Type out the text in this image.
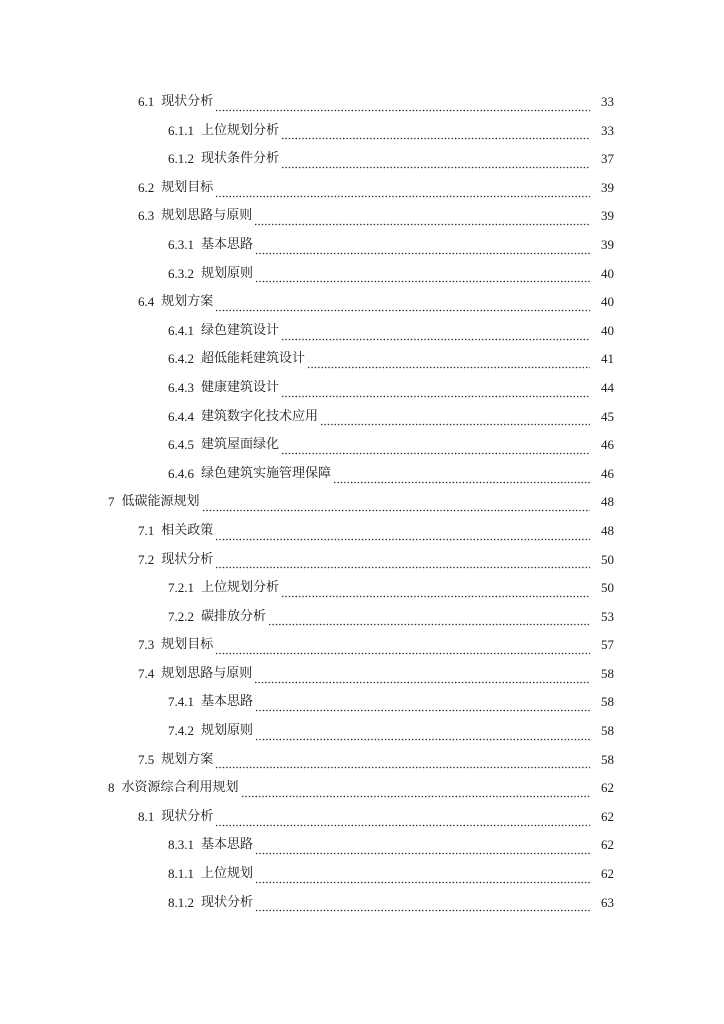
6.1 现状分析	33
6.1.1 上位规划分析	33
6.1.2 现状条件分析	37
6.2 规划目标	39
6.3 规划思路与原则	39
6.3.1 基本思路	39
6.3.2 规划原则	40
6.4 规划方案	40
6.4.1 绿色建筑设计	40
6.4.2 超低能耗建筑设计	41
6.4.3 健康建筑设计	44
6.4.4 建筑数字化技术应用	45
6.4.5 建筑屋面绿化	46
6.4.6 绿色建筑实施管理保障	46
7 低碳能源规划	48
7.1 相关政策	48
7.2 现状分析	50
7.2.1 上位规划分析	50
7.2.2 碳排放分析	53
7.3 规划目标	57
7.4 规划思路与原则	58
7.4.1 基本思路	58
7.4.2 规划原则	58
7.5 规划方案	58
8 水资源综合利用规划	62
8.1 现状分析	62
8.3.1 基本思路	62
8.1.1 上位规划	62
8.1.2 现状分析	63
